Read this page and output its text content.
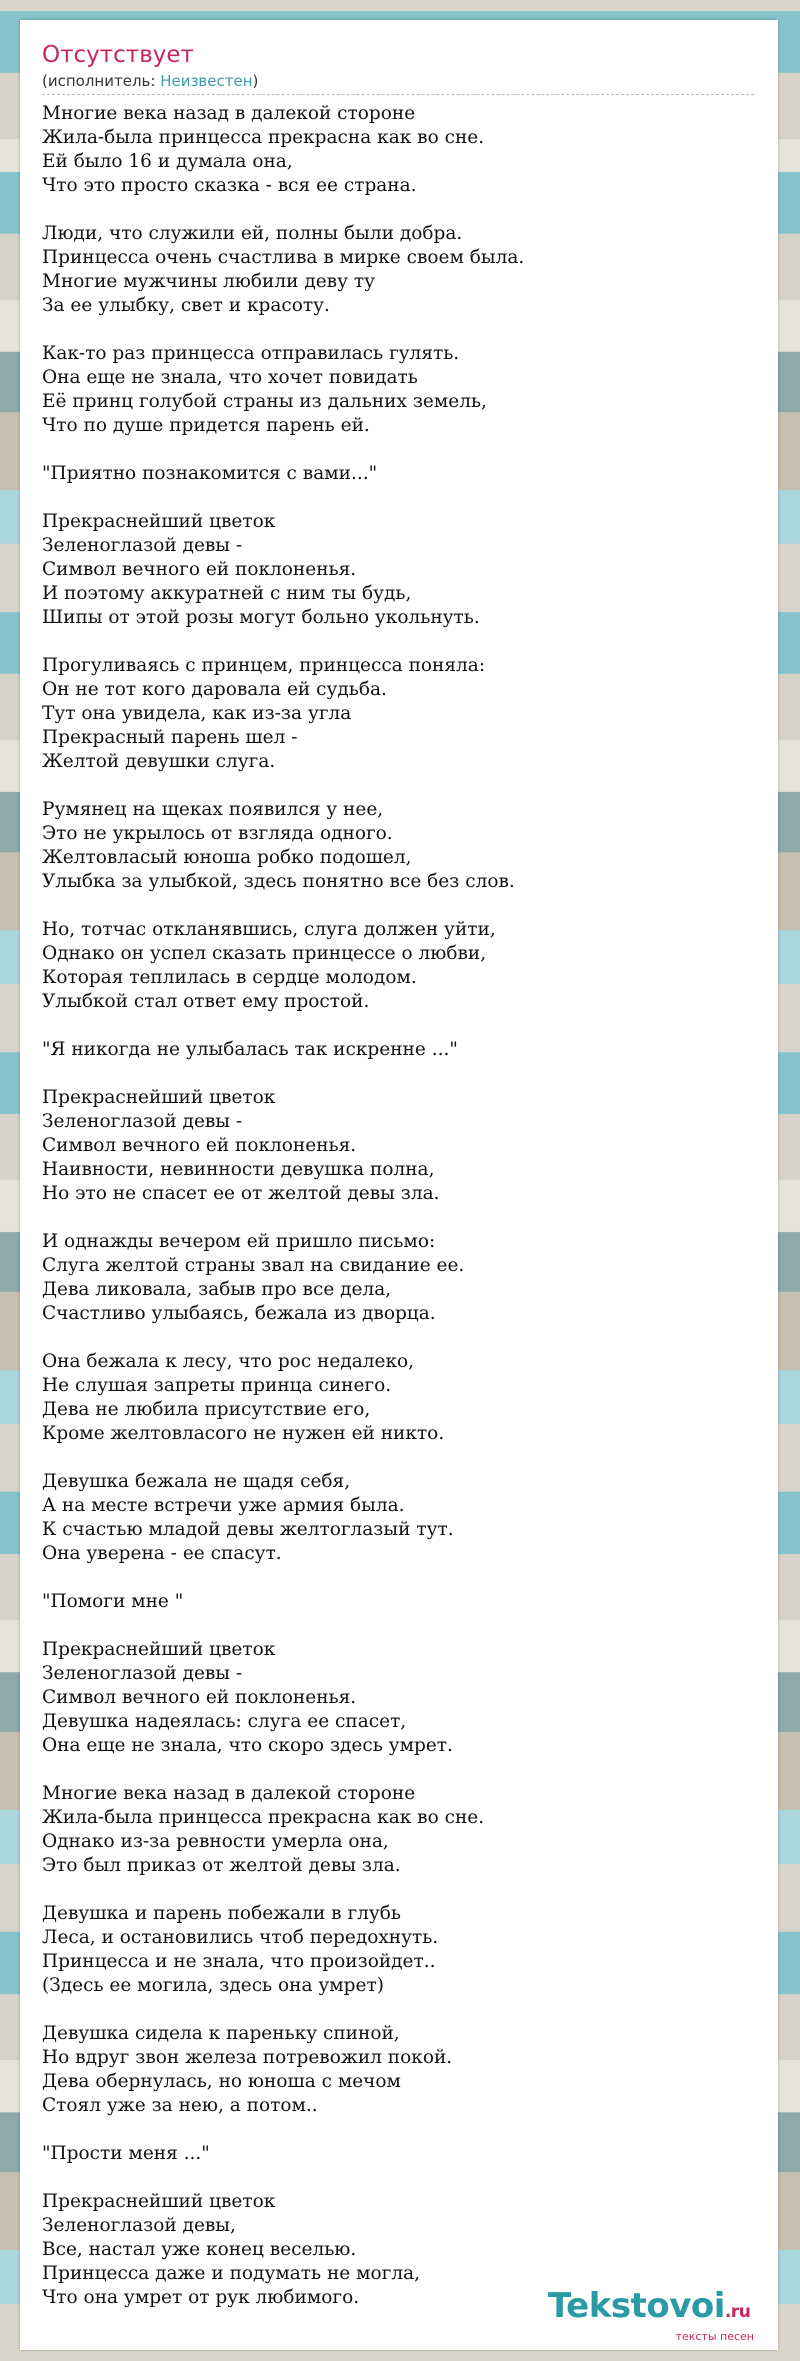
Отсутствует
(исполнитель: Неизвестен)
Многие века назад в далекой стороне
Жила-была принцесса прекрасна как во сне.
Ей было 16 и думала она,
Что это просто сказка - вся ее страна.
Люди, что служили ей, полны были добра.
Принцесса очень счастлива в мирке своем была.
Многие мужчины любили деву ту
За ее улыбку, свет и красоту.
Как-то раз принцесса отправилась гулять.
Она еще не знала, что хочет повидать
Её принц голубой страны из дальних земель,
Что по душе придется парень ей.
"Приятно познакомится с вами..."
Прекраснейший цветок
Зеленоглазой девы -
Символ вечного ей поклоненья.
И поэтому аккуратней с ним ты будь,
Шипы от этой розы могут больно укольнуть.
Прогуливаясь с принцем, принцесса поняла:
Он не тот кого даровала ей судьба.
Тут она увидела, как из-за угла
Прекрасный парень шел -
Желтой девушки слуга.
Румянец на щеках появился у нее,
Это не укрылось от взгляда одного.
Желтовласый юноша робко подошел,
Улыбка за улыбкой, здесь понятно все без слов.
Но, тотчас откланявшись, слуга должен уйти,
Однако он успел сказать принцессе о любви,
Которая теплилась в сердце молодом.
Улыбкой стал ответ ему простой.
"Я никогда не улыбалась так искренне ..."
Прекраснейший цветок
Зеленоглазой девы -
Символ вечного ей поклоненья.
Наивности, невинности девушка полна,
Но это не спасет ее от желтой девы зла.
И однажды вечером ей пришло письмо:
Слуга желтой страны звал на свидание ее.
Дева ликовала, забыв про все дела,
Счастливо улыбаясь, бежала из дворца.
Она бежала к лесу, что рос недалеко,
Не слушая запреты принца синего.
Дева не любила присутствие его,
Кроме желтовласого не нужен ей никто.
Девушка бежала не щадя себя,
А на месте встречи уже армия была.
К счастью младой девы желтоглазый тут.
Она уверена - ее спасут.
"Помоги мне "
Прекраснейший цветок
Зеленоглазой девы -
Символ вечного ей поклоненья.
Девушка надеялась: слуга ее спасет,
Она еще не знала, что скоро здесь умрет.
Многие века назад в далекой стороне
Жила-была принцесса прекрасна как во сне.
Однако из-за ревности умерла она,
Это был приказ от желтой девы зла.
Девушка и парень побежали в глубь
Леса, и остановились чтоб передохнуть.
Принцесса и не знала, что произойдет..
(Здесь ее могила, здесь она умрет)
Девушка сидела к пареньку спиной,
Но вдруг звон железа потревожил покой.
Дева обернулась, но юноша с мечом
Стоял уже за нею, а потом..
"Прости меня ..."
Прекраснейший цветок
Зеленоглазой девы,
Все, настал уже конец веселью.
Принцесса даже и подумать не могла,
Что она умрет от рук любимого.	Tekstovoi.ru
тексты песен
